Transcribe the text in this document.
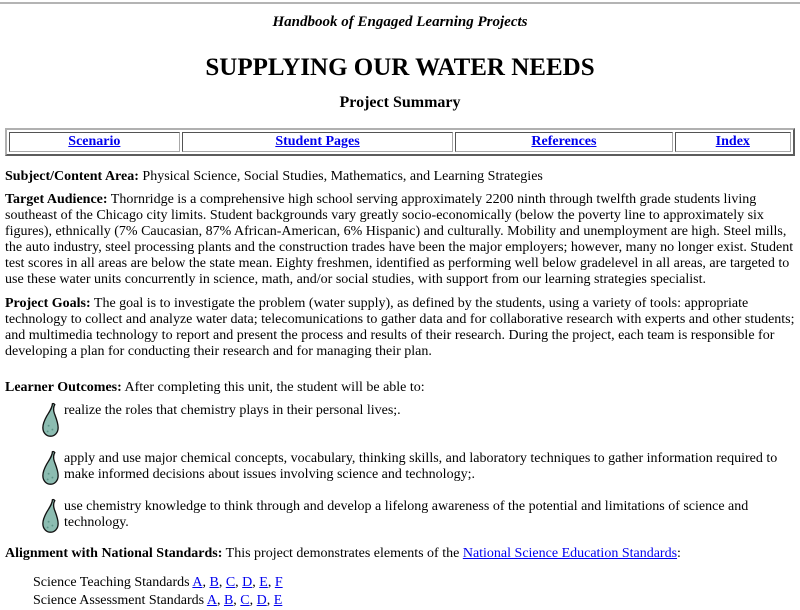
Handbook of Engaged Learning Projects
SUPPLYING OUR WATER NEEDS
Project Summary
Scenario	Student Pages	References	Index

Subject/Content Area: Physical Science, Social Studies, Mathematics, and Learning Strategies

Target Audience: Thornridge is a comprehensive high school serving approximately 2200 ninth through twelfth grade students living southeast of the Chicago city limits. Student backgrounds vary greatly socio-economically (below the poverty line to approximately six figures), ethnically (7% Caucasian, 87% African-American, 6% Hispanic) and culturally. Mobility and unemployment are high. Steel mills, the auto industry, steel processing plants and the construction trades have been the major employers; however, many no longer exist. Student test scores in all areas are below the state mean. Eighty freshmen, identified as performing well below gradelevel in all areas, are targeted to use these water units concurrently in science, math, and/or social studies, with support from our learning strategies specialist.

Project Goals: The goal is to investigate the problem (water supply), as defined by the students, using a variety of tools: appropriate technology to collect and analyze water data; telecomunications to gather data and for collaborative research with experts and other students; and multimedia technology to report and present the process and results of their research. During the project, each team is responsible for developing a plan for conducting their research and for managing their plan.

Learner Outcomes: After completing this unit, the student will be able to:

realize the roles that chemistry plays in their personal lives;.
apply and use major chemical concepts, vocabulary, thinking skills, and laboratory techniques to gather information required to make informed decisions about issues involving science and technology;.
use chemistry knowledge to think through and develop a lifelong awareness of the potential and limitations of science and technology.

Alignment with National Standards: This project demonstrates elements of the National Science Education Standards:

Science Teaching Standards A, B, C, D, E, F
Science Assessment Standards A, B, C, D, E
